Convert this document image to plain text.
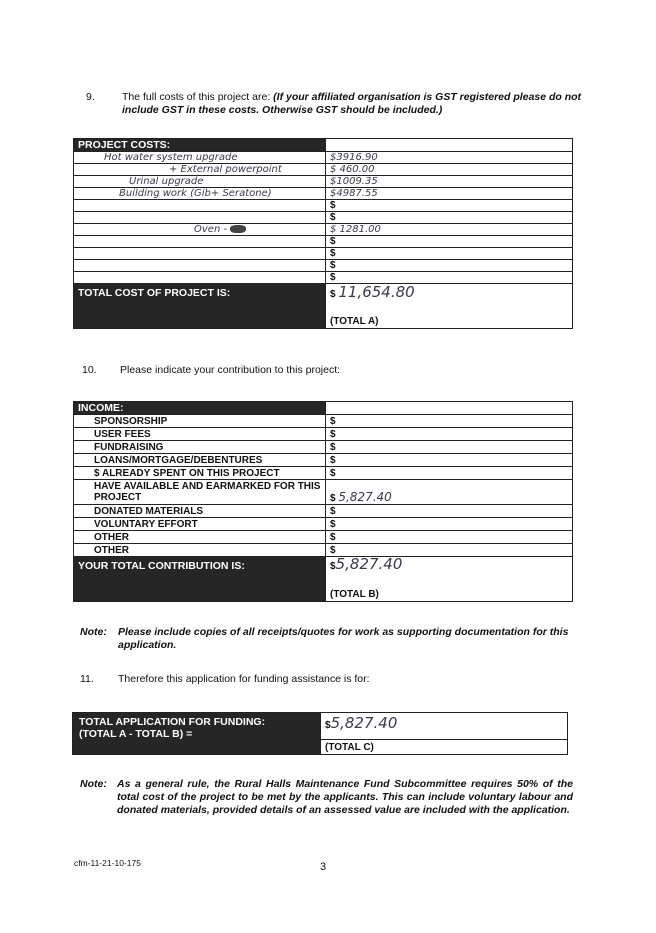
9.	The full costs of this project are: (If your affiliated organisation is GST registered please do not include GST in these costs. Otherwise GST should be included.)
PROJECT COSTS:	
Hot water system upgrade	$3916.90
+ External powerpoint	$ 460.00
Urinal upgrade	$1009.35
Building work (Gib+ Seratone)	$4987.55
	$
	$
Oven -	$ 1281.00
	$
	$
	$
	$
TOTAL COST OF PROJECT IS:	$ 11,654.80
(TOTAL A)
10. Please indicate your contribution to this project:
INCOME:	
SPONSORSHIP	$
USER FEES	$
FUNDRAISING	$
LOANS/MORTGAGE/DEBENTURES	$
$ ALREADY SPENT ON THIS PROJECT	$
HAVE AVAILABLE AND EARMARKED FOR THIS PROJECT	$ 5,827.40
DONATED MATERIALS	$
VOLUNTARY EFFORT	$
OTHER	$
OTHER	$
YOUR TOTAL CONTRIBUTION IS:	$5,827.40
(TOTAL B)
Note: Please include copies of all receipts/quotes for work as supporting documentation for this application.
11. Therefore this application for funding assistance is for:
TOTAL APPLICATION FOR FUNDING:
(TOTAL A - TOTAL B) =
$5,827.40
(TOTAL C)
Note: As a general rule, the Rural Halls Maintenance Fund Subcommittee requires 50% of the total cost of the project to be met by the applicants. This can include voluntary labour and donated materials, provided details of an assessed value are included with the application.
cfm-11-21-10-175	3
